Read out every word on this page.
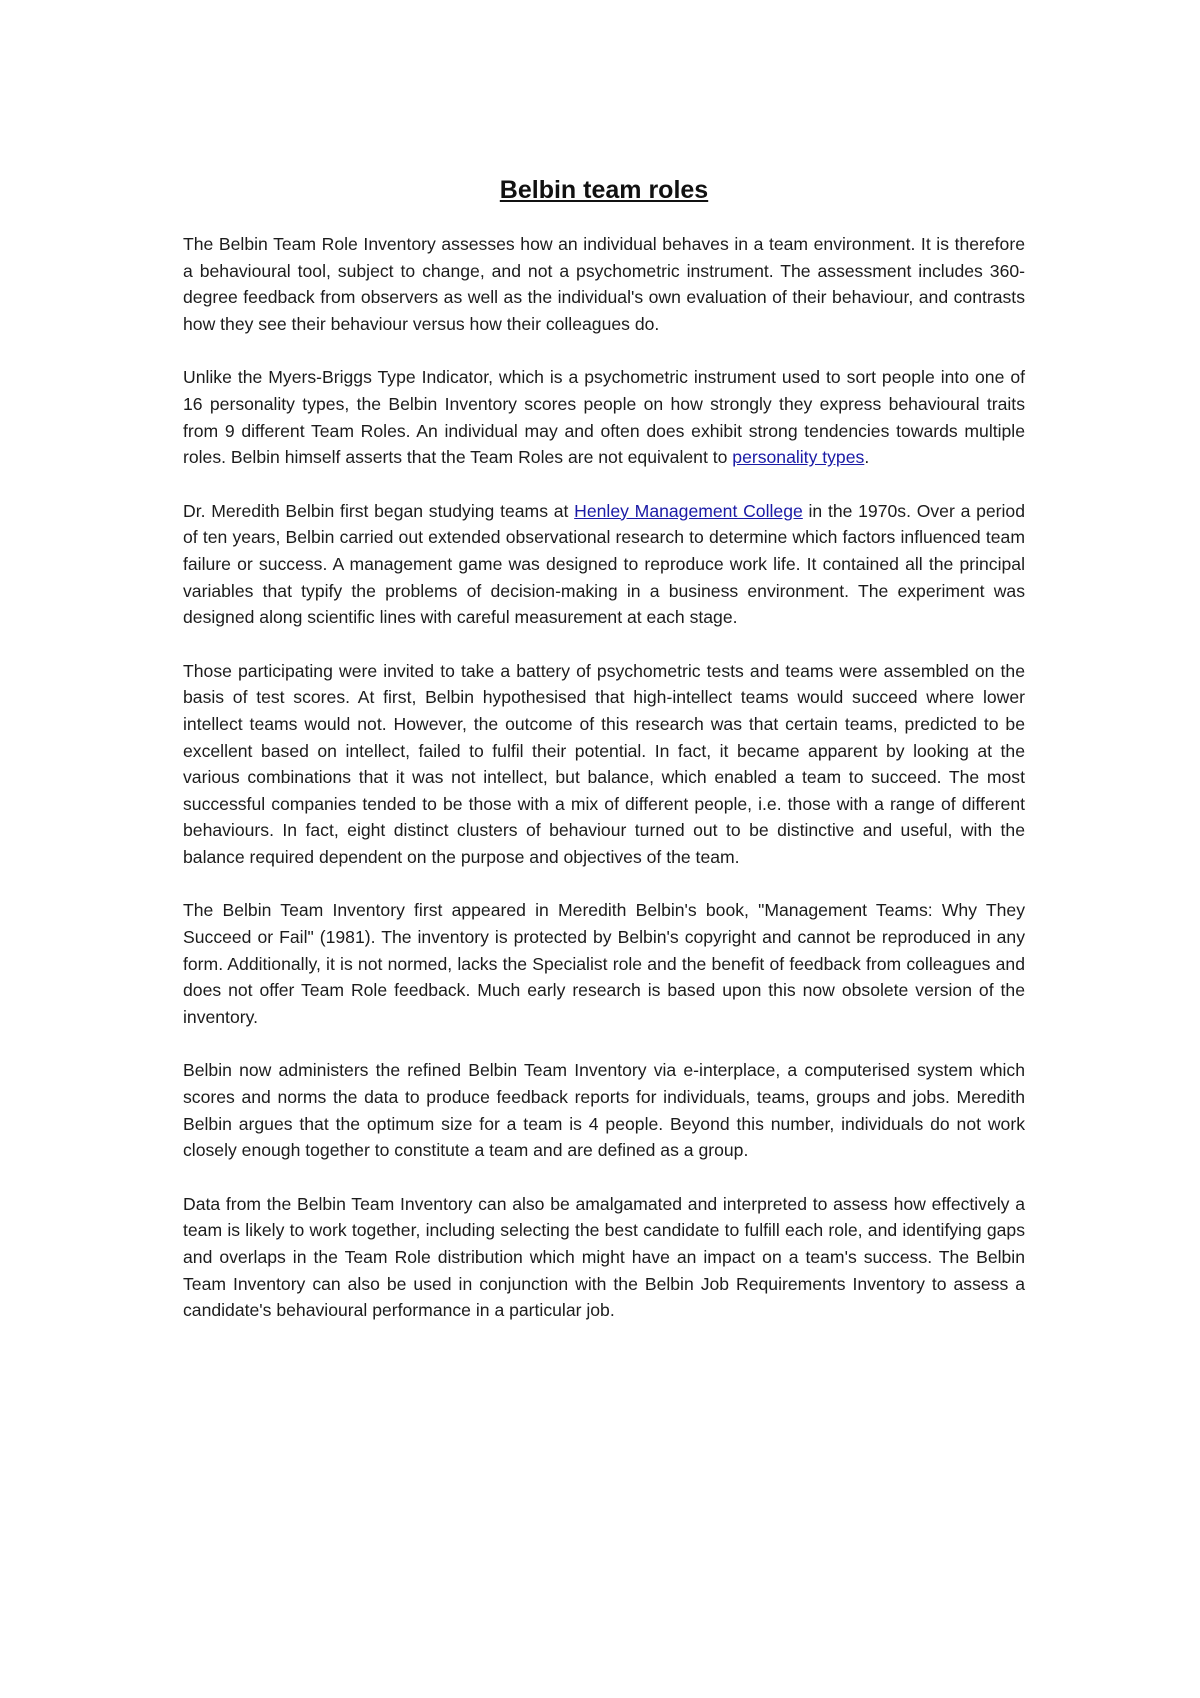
Belbin team roles

The Belbin Team Role Inventory assesses how an individual behaves in a team environment. It is therefore a behavioural tool, subject to change, and not a psychometric instrument. The assessment includes 360-degree feedback from observers as well as the individual's own evaluation of their behaviour, and contrasts how they see their behaviour versus how their colleagues do.

Unlike the Myers-Briggs Type Indicator, which is a psychometric instrument used to sort people into one of 16 personality types, the Belbin Inventory scores people on how strongly they express behavioural traits from 9 different Team Roles. An individual may and often does exhibit strong tendencies towards multiple roles. Belbin himself asserts that the Team Roles are not equivalent to personality types.

Dr. Meredith Belbin first began studying teams at Henley Management College in the 1970s. Over a period of ten years, Belbin carried out extended observational research to determine which factors influenced team failure or success. A management game was designed to reproduce work life. It contained all the principal variables that typify the problems of decision-making in a business environment. The experiment was designed along scientific lines with careful measurement at each stage.

Those participating were invited to take a battery of psychometric tests and teams were assembled on the basis of test scores. At first, Belbin hypothesised that high-intellect teams would succeed where lower intellect teams would not. However, the outcome of this research was that certain teams, predicted to be excellent based on intellect, failed to fulfil their potential. In fact, it became apparent by looking at the various combinations that it was not intellect, but balance, which enabled a team to succeed. The most successful companies tended to be those with a mix of different people, i.e. those with a range of different behaviours. In fact, eight distinct clusters of behaviour turned out to be distinctive and useful, with the balance required dependent on the purpose and objectives of the team.

The Belbin Team Inventory first appeared in Meredith Belbin's book, "Management Teams: Why They Succeed or Fail" (1981). The inventory is protected by Belbin's copyright and cannot be reproduced in any form. Additionally, it is not normed, lacks the Specialist role and the benefit of feedback from colleagues and does not offer Team Role feedback. Much early research is based upon this now obsolete version of the inventory.

Belbin now administers the refined Belbin Team Inventory via e-interplace, a computerised system which scores and norms the data to produce feedback reports for individuals, teams, groups and jobs. Meredith Belbin argues that the optimum size for a team is 4 people. Beyond this number, individuals do not work closely enough together to constitute a team and are defined as a group.

Data from the Belbin Team Inventory can also be amalgamated and interpreted to assess how effectively a team is likely to work together, including selecting the best candidate to fulfill each role, and identifying gaps and overlaps in the Team Role distribution which might have an impact on a team's success. The Belbin Team Inventory can also be used in conjunction with the Belbin Job Requirements Inventory to assess a candidate's behavioural performance in a particular job.
